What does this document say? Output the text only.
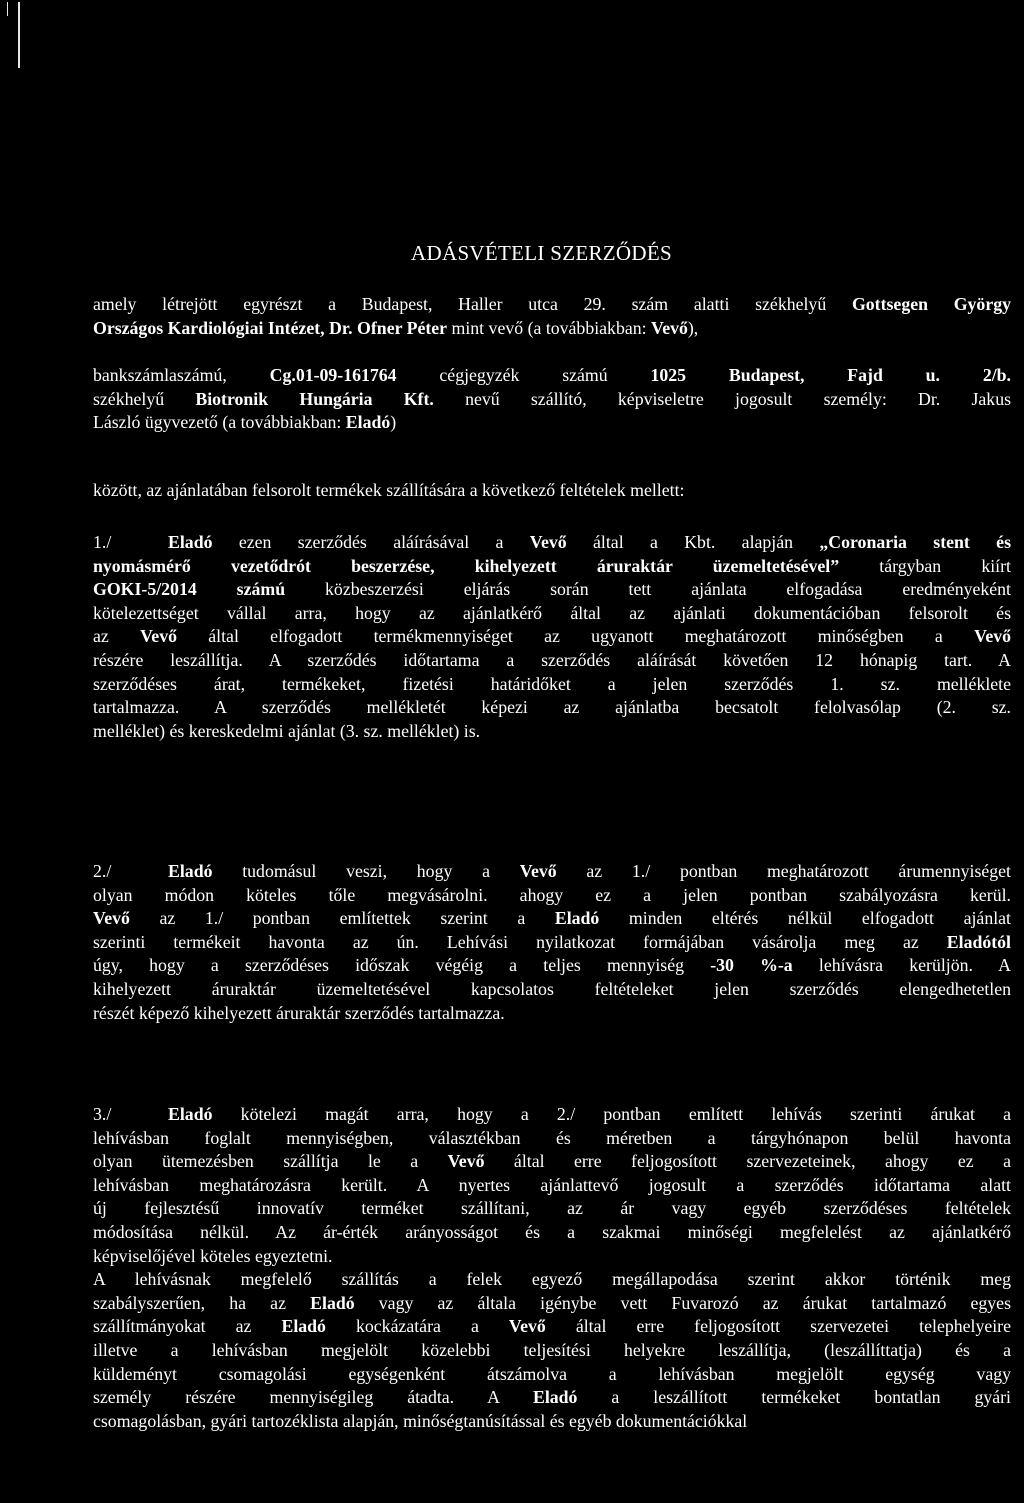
ADÁSVÉTELI SZERZŐDÉS
amely létrejött egyrészt a Budapest, Haller utca 29. szám alatti székhelyű Gottsegen György
Országos Kardiológiai Intézet, Dr. Ofner Péter mint vevő (a továbbiakban: Vevő),
bankszámlaszámú, Cg.01-09-161764 cégjegyzék számú 1025 Budapest, Fajd u. 2/b.
székhelyű Biotronik Hungária Kft. nevű szállító, képviseletre jogosult személy: Dr. Jakus
László ügyvezető (a továbbiakban: Eladó)
között, az ajánlatában felsorolt termékek szállítására a következő feltételek mellett:
1./	Eladó ezen szerződés aláírásával a Vevő által a Kbt. alapján „Coronaria stent és
nyomásmérő vezetődrót beszerzése, kihelyezett áruraktár üzemeltetésével” tárgyban kiírt
GOKI-5/2014 számú közbeszerzési eljárás során tett ajánlata elfogadása eredményeként
kötelezettséget vállal arra, hogy az ajánlatkérő által az ajánlati dokumentációban felsorolt és
az Vevő által elfogadott termékmennyiséget az ugyanott meghatározott minőségben a Vevő
részére leszállítja. A szerződés időtartama a szerződés aláírását követően 12 hónapig tart. A
szerződéses árat, termékeket, fizetési határidőket a jelen szerződés 1. sz. melléklete
tartalmazza. A szerződés mellékletét képezi az ajánlatba becsatolt felolvasólap (2. sz.
melléklet) és kereskedelmi ajánlat (3. sz. melléklet) is.
2./	Eladó tudomásul veszi, hogy a Vevő az 1./ pontban meghatározott árumennyiséget
olyan módon köteles tőle megvásárolni. ahogy ez a jelen pontban szabályozásra kerül.
Vevő az 1./ pontban említettek szerint a Eladó minden eltérés nélkül elfogadott ajánlat
szerinti termékeit havonta az ún. Lehívási nyilatkozat formájában vásárolja meg az Eladótól
úgy, hogy a szerződéses időszak végéig a teljes mennyiség -30 %-a lehívásra kerüljön. A
kihelyezett áruraktár üzemeltetésével kapcsolatos feltételeket jelen szerződés elengedhetetlen
részét képező kihelyezett áruraktár szerződés tartalmazza.
3./	Eladó kötelezi magát arra, hogy a 2./ pontban említett lehívás szerinti árukat a
lehívásban foglalt mennyiségben, választékban és méretben a tárgyhónapon belül havonta
olyan ütemezésben szállítja le a Vevő által erre feljogosított szervezeteinek, ahogy ez a
lehívásban meghatározásra került. A nyertes ajánlattevő jogosult a szerződés időtartama alatt
új fejlesztésű innovatív terméket szállítani, az ár vagy egyéb szerződéses feltételek
módosítása nélkül. Az ár-érték arányosságot és a szakmai minőségi megfelelést az ajánlatkérő
képviselőjével köteles egyeztetni.
A lehívásnak megfelelő szállítás a felek egyező megállapodása szerint akkor történik meg
szabályszerűen, ha az Eladó vagy az általa igénybe vett Fuvarozó az árukat tartalmazó egyes
szállítmányokat az Eladó kockázatára a Vevő által erre feljogosított szervezetei telephelyeire
illetve a lehívásban megjelölt közelebbi teljesítési helyekre leszállítja, (leszállíttatja) és a
küldeményt csomagolási egységenként átszámolva a lehívásban megjelölt egység vagy
személy részére mennyiségileg átadta. A Eladó a leszállított termékeket bontatlan gyári
csomagolásban, gyári tartozéklista alapján, minőségtanúsítással és egyéb dokumentációkkal
